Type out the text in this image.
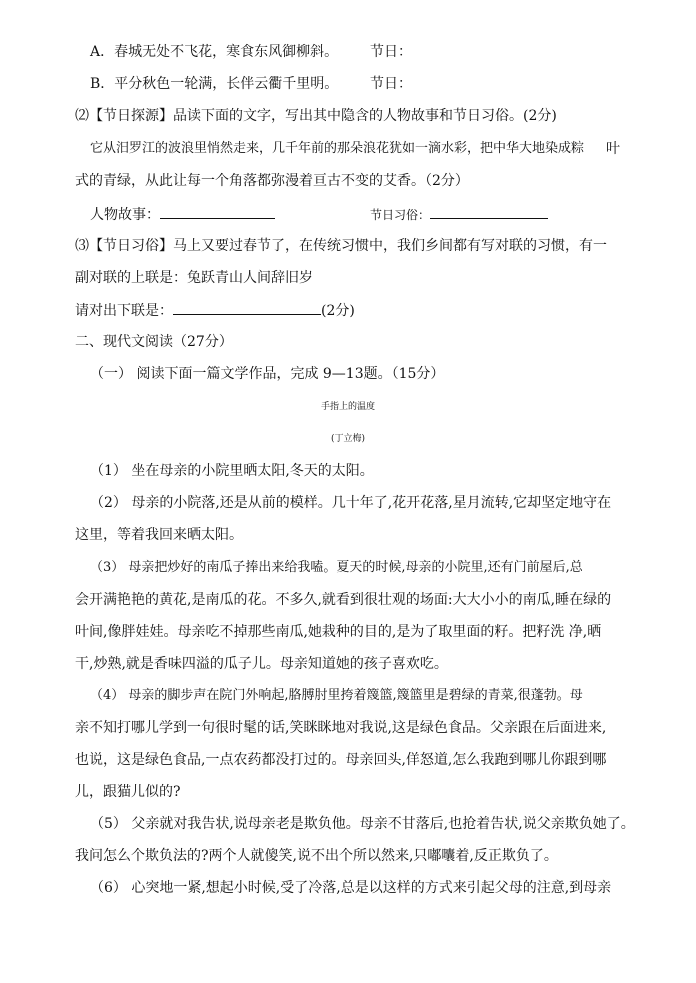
A．春城无处不飞花，寒食东风御柳斜。 节日：
B．平分秋色一轮满，长伴云衢千里明。 节日：
⑵【节日探源】品读下面的文字，写出其中隐含的人物故事和节日习俗。(2分)
它从汨罗江的波浪里悄然走来，几千年前的那朵浪花犹如一滴水彩，把中华大地染成粽 叶
式的青绿，从此让每一个角落都弥漫着亘古不变的艾香。（2分）
人物故事：	节日习俗：
⑶【节日习俗】马上又要过春节了，在传统习惯中，我们乡间都有写对联的习惯，有一
副对联的上联是：兔跃青山人间辞旧岁
请对出下联是：	(2分)
二、现代文阅读（27分）
（一） 阅读下面一篇文学作品，完成 9—13题。（15分）
手指上的温度
(丁立梅)
（1） 坐在母亲的小院里晒太阳,冬天的太阳。
（2） 母亲的小院落,还是从前的模样。几十年了,花开花落,星月流转,它却坚定地守在
这里，等着我回来晒太阳。
（3） 母亲把炒好的南瓜子捧出来给我嗑。夏天的时候,母亲的小院里,还有门前屋后,总
会开满艳艳的黄花,是南瓜的花。不多久,就看到很壮观的场面:大大小小的南瓜,睡在绿的
叶间,像胖娃娃。母亲吃不掉那些南瓜,她栽种的目的,是为了取里面的籽。把籽洗 净,晒
干,炒熟,就是香味四溢的瓜子儿。母亲知道她的孩子喜欢吃。
（4） 母亲的脚步声在院门外响起,胳膊肘里挎着篾篮,篾篮里是碧绿的青菜,很蓬勃。母
亲不知打哪儿学到一句很时髦的话,笑眯眯地对我说,这是绿色食品。父亲跟在后面进来,
也说，这是绿色食品,一点农药都没打过的。母亲回头,佯怒道,怎么我跑到哪儿你跟到哪
儿，跟猫儿似的?
（5） 父亲就对我告状,说母亲老是欺负他。母亲不甘落后,也抢着告状,说父亲欺负她了。
我问怎么个欺负法的?两个人就傻笑,说不出个所以然来,只嘟囔着,反正欺负了。
（6） 心突地一紧,想起小时候,受了冷落,总是以这样的方式来引起父母的注意,到母亲
